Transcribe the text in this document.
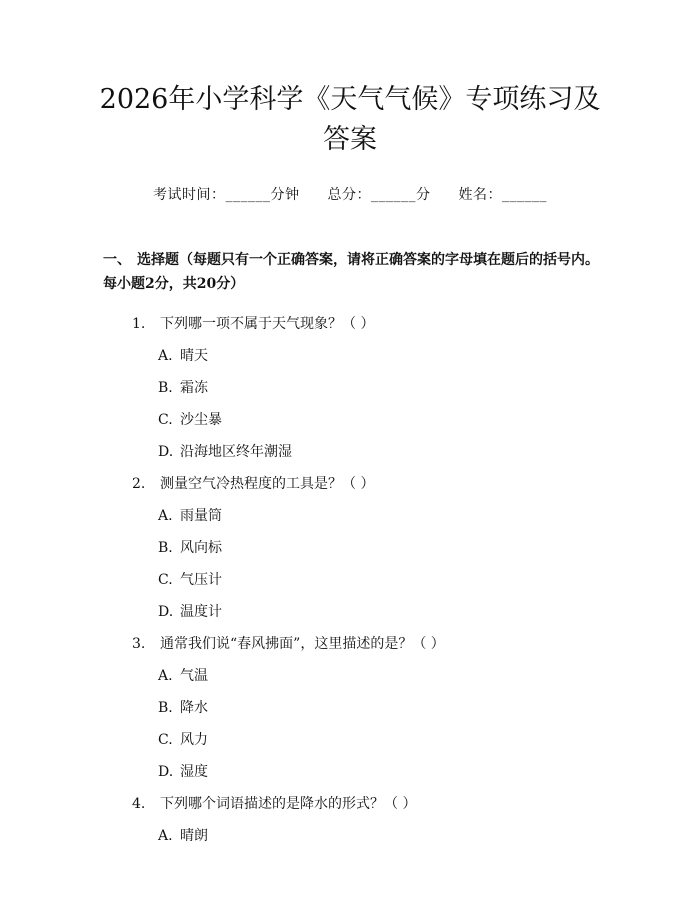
2026年小学科学《天气气候》专项练习及答案
考试时间：______分钟 总分：______分 姓名：______
一、 选择题（每题只有一个正确答案，请将正确答案的字母填在题后的括号内。每小题2分，共20分）
1. 下列哪一项不属于天气现象？（ ）
A. 晴天
B. 霜冻
C. 沙尘暴
D. 沿海地区终年潮湿
2. 测量空气冷热程度的工具是？（ ）
A. 雨量筒
B. 风向标
C. 气压计
D. 温度计
3. 通常我们说“春风拂面”，这里描述的是？（ ）
A. 气温
B. 降水
C. 风力
D. 湿度
4. 下列哪个词语描述的是降水的形式？（ ）
A. 晴朗
